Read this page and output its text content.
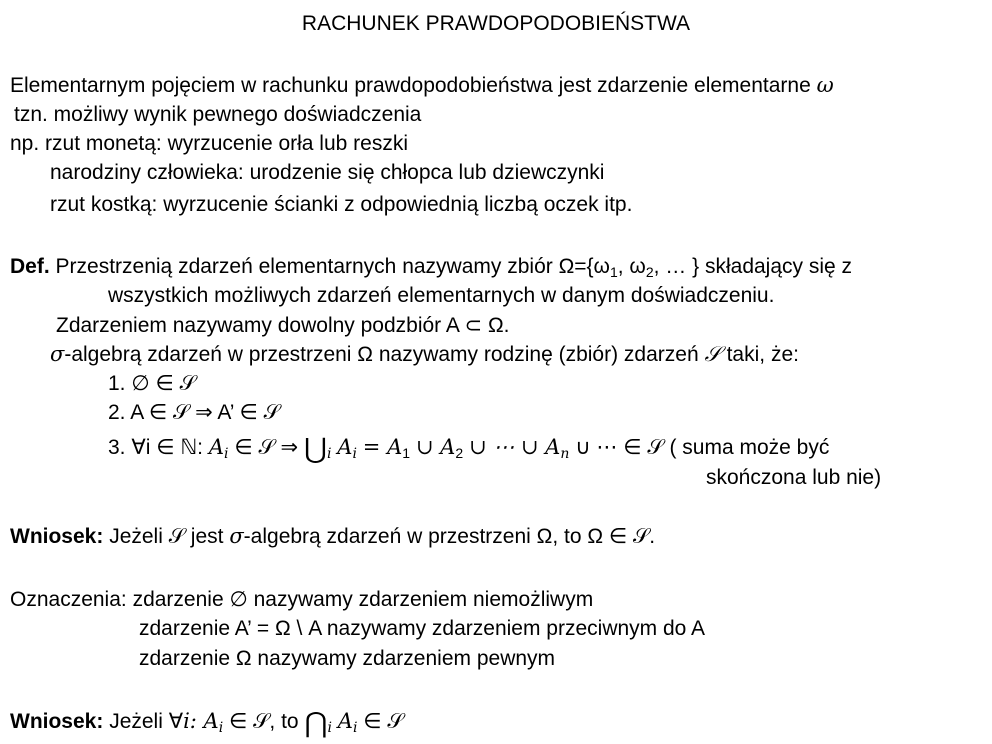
RACHUNEK PRAWDOPODOBIEŃSTWA
Elementarnym pojęciem w rachunku prawdopodobieństwa jest zdarzenie elementarne ω
tzn. możliwy wynik pewnego doświadczenia
np. rzut monetą: wyrzucenie orła lub reszki
narodziny człowieka: urodzenie się chłopca lub dziewczynki
rzut kostką: wyrzucenie ścianki z odpowiednią liczbą oczek itp.
Def. Przestrzenią zdarzeń elementarnych nazywamy zbiór $\Omega=\{\omega_1$, $\omega_2$, … } składający się z
wszystkich możliwych zdarzeń elementarnych w danym doświadczeniu.
Zdarzeniem nazywamy dowolny podzbiór A ⊂ Ω.
σ-algebrą zdarzeń w przestrzeni Ω nazywamy rodzinę (zbiór) zdarzeń 𝒮 taki, że:
1. ∅ ∈ 𝒮
2. A ∈ 𝒮 ⇒ A’ ∈ 𝒮
3. ∀i ∈ ℕ: $A_i$ ∈ 𝒮 ⇒ $⋃_i$ $A_i = A_1$ ∪ $A_2$ ∪ ⋯ ∪ $A_n$ ∪ ⋯ ∈ 𝒮 ( suma może być
skończona lub nie)
Wniosek: Jeżeli 𝒮 jest σ-algebrą zdarzeń w przestrzeni Ω, to Ω ∈ 𝒮.
Oznaczenia: zdarzenie ∅ nazywamy zdarzeniem niemożliwym
zdarzenie A’ = Ω \ A nazywamy zdarzeniem przeciwnym do A
zdarzenie Ω nazywamy zdarzeniem pewnym
Wniosek: Jeżeli ∀i: $A_i$ ∈ 𝒮, to $⋂_i$ $A_i$ ∈ 𝒮
